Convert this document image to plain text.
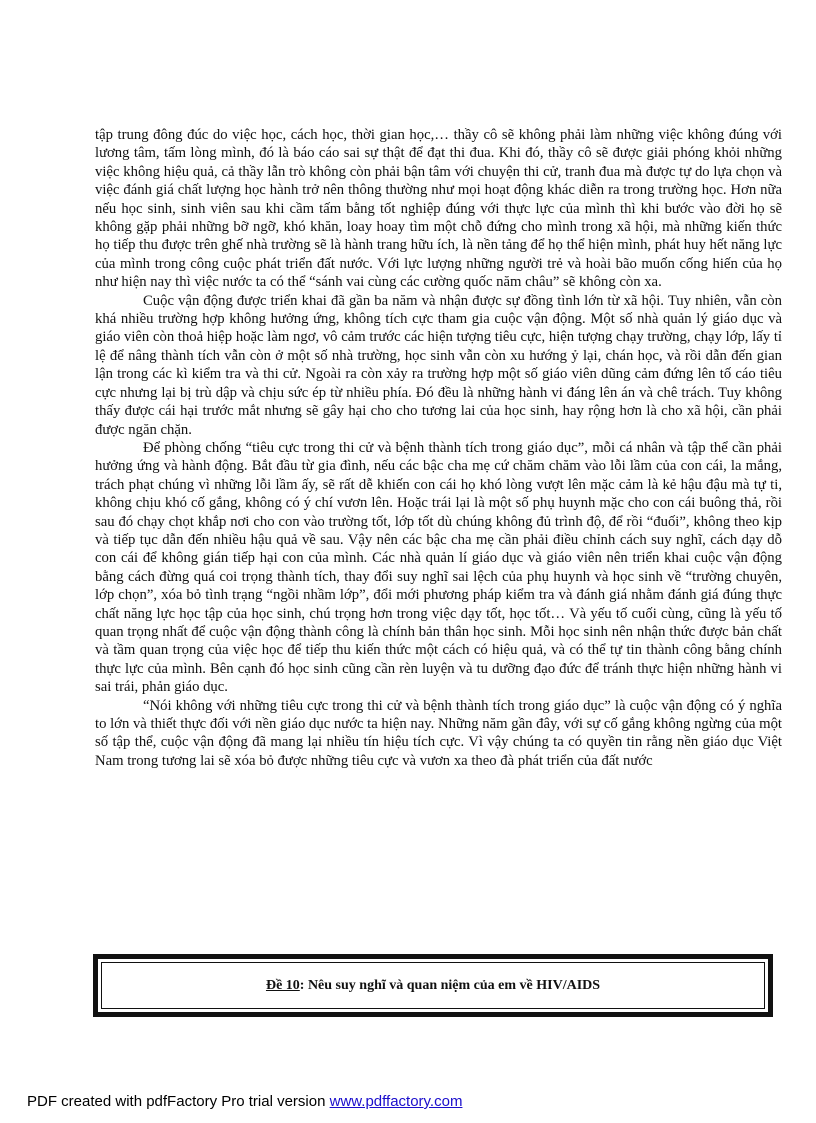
tập trung đông đúc do việc học, cách học, thời gian học,… thầy cô sẽ không phải làm những việc không đúng với lương tâm, tấm lòng mình, đó là báo cáo sai sự thật để đạt thi đua. Khi đó, thầy cô sẽ được giải phóng khỏi những việc không hiệu quả, cả thầy lẫn trò không còn phải bận tâm với chuyện thi cử, tranh đua mà được tự do lựa chọn và việc đánh giá chất lượng học hành trở nên thông thường như mọi hoạt động khác diễn ra trong trường học. Hơn nữa nếu học sinh, sinh viên sau khi cầm tấm bằng tốt nghiệp đúng với thực lực của mình thì khi bước vào đời họ sẽ không gặp phải những bỡ ngỡ, khó khăn, loay hoay tìm một chỗ đứng cho mình trong xã hội, mà những kiến thức họ tiếp thu được trên ghế nhà trường sẽ là hành trang hữu ích, là nền tảng để họ thể hiện mình, phát huy hết năng lực của mình trong công cuộc phát triển đất nước. Với lực lượng những người trẻ và hoài bão muốn cống hiến của họ như hiện nay thì việc nước ta có thể “sánh vai cùng các cường quốc năm châu” sẽ không còn xa.

Cuộc vận động được triển khai đã gần ba năm và nhận được sự đồng tình lớn từ xã hội. Tuy nhiên, vẫn còn khá nhiều trường hợp không hưởng ứng, không tích cực tham gia cuộc vận động. Một số nhà quản lý giáo dục và giáo viên còn thoả hiệp hoặc làm ngơ, vô cảm trước các hiện tượng tiêu cực, hiện tượng chạy trường, chạy lớp, lấy tỉ lệ để nâng thành tích vẫn còn ở một số nhà trường, học sinh vẫn còn xu hướng ỷ lại, chán học, và rồi dẫn đến gian lận trong các kì kiểm tra và thi cử. Ngoài ra còn xảy ra trường hợp một số giáo viên dũng cảm đứng lên tố cáo tiêu cực nhưng lại bị trù dập và chịu sức ép từ nhiều phía. Đó đều là những hành vi đáng lên án và chê trách. Tuy không thấy được cái hại trước mắt nhưng sẽ gây hại cho cho tương lai của học sinh, hay rộng hơn là cho xã hội, cần phải được ngăn chặn.

Để phòng chống “tiêu cực trong thi cử và bệnh thành tích trong giáo dục”, mỗi cá nhân và tập thể cần phải hưởng ứng và hành động. Bắt đầu từ gia đình, nếu các bậc cha mẹ cứ chăm chăm vào lỗi lầm của con cái, la mắng, trách phạt chúng vì những lỗi lầm ấy, sẽ rất dễ khiến con cái họ khó lòng vượt lên mặc cảm là kẻ hậu đậu mà tự ti, không chịu khó cố gắng, không có ý chí vươn lên. Hoặc trái lại là một số phụ huynh mặc cho con cái buông thả, rồi sau đó chạy chọt khắp nơi cho con vào trường tốt, lớp tốt dù chúng không đủ trình độ, để rồi “đuối”, không theo kịp và tiếp tục dẫn đến nhiều hậu quả về sau. Vậy nên các bậc cha mẹ cần phải điều chỉnh cách suy nghĩ, cách dạy dỗ con cái để không gián tiếp hại con của mình. Các nhà quản lí giáo dục và giáo viên nên triển khai cuộc vận động bằng cách đừng quá coi trọng thành tích, thay đổi suy nghĩ sai lệch của phụ huynh và học sinh về “trường chuyên, lớp chọn”, xóa bỏ tình trạng “ngồi nhầm lớp”, đổi mới phương pháp kiểm tra và đánh giá nhằm đánh giá đúng thực chất năng lực học tập của học sinh, chú trọng hơn trong việc dạy tốt, học tốt… Và yếu tố cuối cùng, cũng là yếu tố quan trọng nhất để cuộc vận động thành công là chính bản thân học sinh. Mỗi học sinh nên nhận thức được bản chất và tầm quan trọng của việc học để tiếp thu kiến thức một cách có hiệu quả, và có thể tự tin thành công bằng chính thực lực của mình. Bên cạnh đó học sinh cũng cần rèn luyện và tu dưỡng đạo đức để tránh thực hiện những hành vi sai trái, phản giáo dục.

“Nói không với những tiêu cực trong thi cử và bệnh thành tích trong giáo dục” là cuộc vận động có ý nghĩa to lớn và thiết thực đối với nền giáo dục nước ta hiện nay. Những năm gần đây, với sự cố gắng không ngừng của một số tập thể, cuộc vận động đã mang lại nhiều tín hiệu tích cực. Vì vậy chúng ta có quyền tin rằng nền giáo dục Việt Nam trong tương lai sẽ xóa bỏ được những tiêu cực và vươn xa theo đà phát triển của đất nước

Đề 10 : Nêu suy nghĩ và quan niệm của em về HIV/AIDS
PDF created with pdfFactory Pro trial version www.pdffactory.com
